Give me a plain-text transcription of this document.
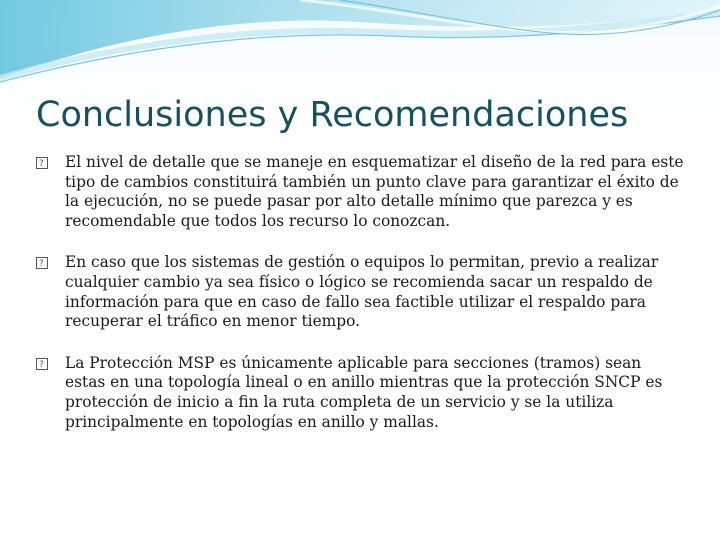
Conclusiones y Recomendaciones
?
El nivel de detalle que se maneje en esquematizar el diseño de la red para este tipo de cambios constituirá también un punto clave para garantizar el éxito de la ejecución, no se puede pasar por alto detalle mínimo que parezca y es recomendable que todos los recurso lo conozcan.
?
En caso que los sistemas de gestión o equipos lo permitan, previo a realizar cualquier cambio ya sea físico o lógico se recomienda sacar un respaldo de información para que en caso de fallo sea factible utilizar el respaldo para recuperar el tráfico en menor tiempo.
?
La Protección MSP es únicamente aplicable para secciones (tramos) sean estas en una topología lineal o en anillo mientras que la protección SNCP es protección de inicio a fin la ruta completa de un servicio y se la utiliza principalmente en topologías en anillo y mallas.
